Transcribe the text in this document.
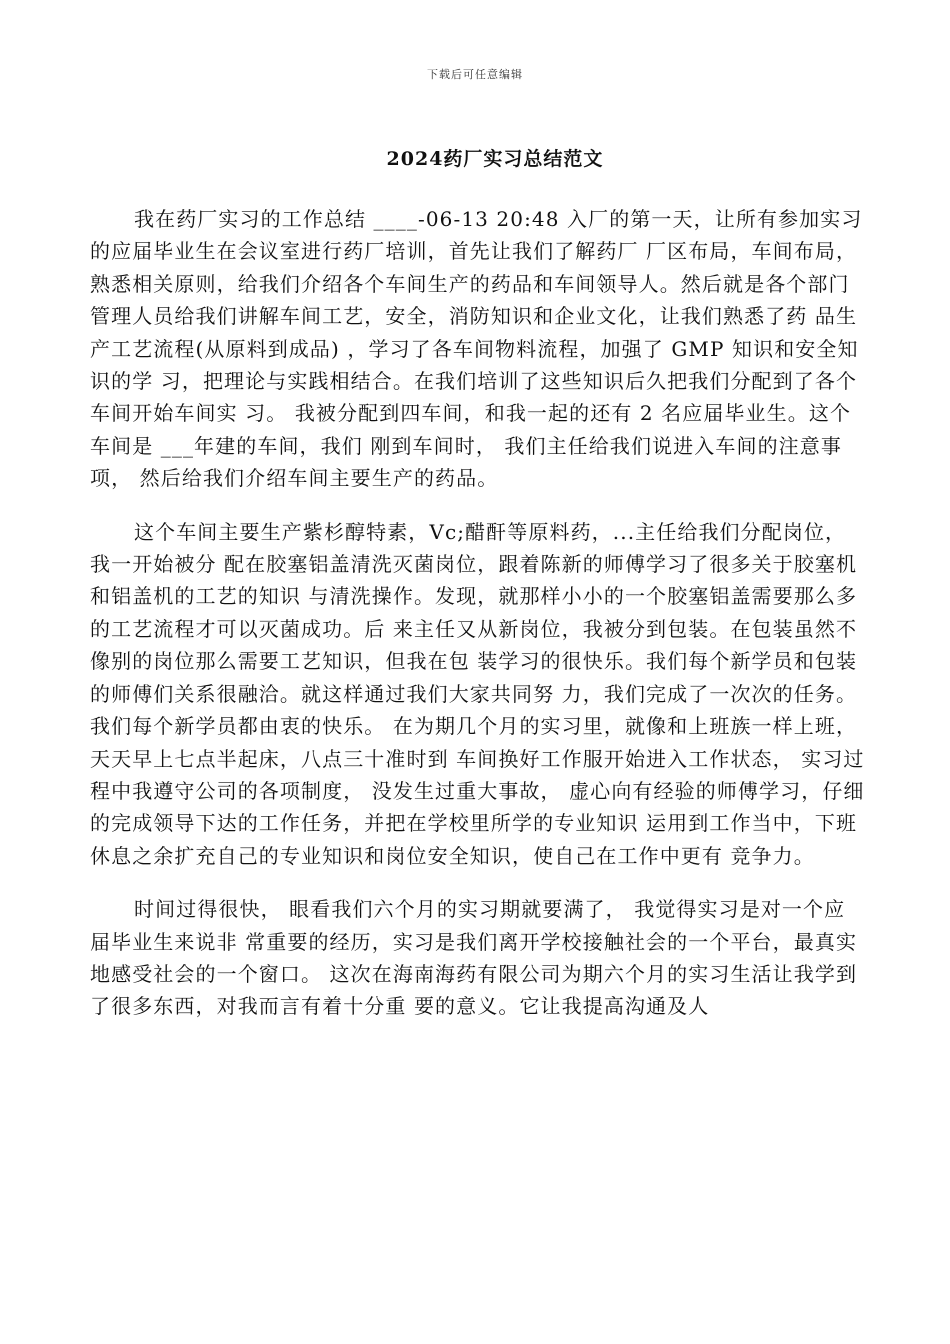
下载后可任意编辑
2024药厂实习总结范文

我在药厂实习的工作总结 ____-06-13 20:48 入厂的第一天，让所有参加实习的应届毕业生在会议室进行药厂培训，首先让我们了解药厂 厂区布局，车间布局，熟悉相关原则，给我们介绍各个车间生产的药品和车间领导人。然后就是各个部门管理人员给我们讲解车间工艺，安全，消防知识和企业文化，让我们熟悉了药 品生产工艺流程(从原料到成品) ，学习了各车间物料流程，加强了 GMP 知识和安全知识的学 习，把理论与实践相结合。在我们培训了这些知识后久把我们分配到了各个车间开始车间实 习。 我被分配到四车间，和我一起的还有 2 名应届毕业生。这个车间是 ___年建的车间，我们 刚到车间时， 我们主任给我们说进入车间的注意事项， 然后给我们介绍车间主要生产的药品。

这个车间主要生产紫杉醇特素，Vc;醋酐等原料药，...主任给我们分配岗位，我一开始被分 配在胶塞铝盖清洗灭菌岗位，跟着陈新的师傅学习了很多关于胶塞机和铝盖机的工艺的知识 与清洗操作。发现，就那样小小的一个胶塞铝盖需要那么多的工艺流程才可以灭菌成功。后 来主任又从新岗位，我被分到包装。在包装虽然不像别的岗位那么需要工艺知识，但我在包 装学习的很快乐。我们每个新学员和包装的师傅们关系很融洽。就这样通过我们大家共同努 力，我们完成了一次次的任务。我们每个新学员都由衷的快乐。 在为期几个月的实习里，就像和上班族一样上班，天天早上七点半起床，八点三十准时到 车间换好工作服开始进入工作状态， 实习过程中我遵守公司的各项制度， 没发生过重大事故， 虚心向有经验的师傅学习，仔细的完成领导下达的工作任务，并把在学校里所学的专业知识 运用到工作当中，下班休息之余扩充自己的专业知识和岗位安全知识，使自己在工作中更有 竞争力。

时间过得很快， 眼看我们六个月的实习期就要满了， 我觉得实习是对一个应届毕业生来说非 常重要的经历，实习是我们离开学校接触社会的一个平台，最真实地感受社会的一个窗口。 这次在海南海药有限公司为期六个月的实习生活让我学到了很多东西，对我而言有着十分重 要的意义。它让我提高沟通及人
